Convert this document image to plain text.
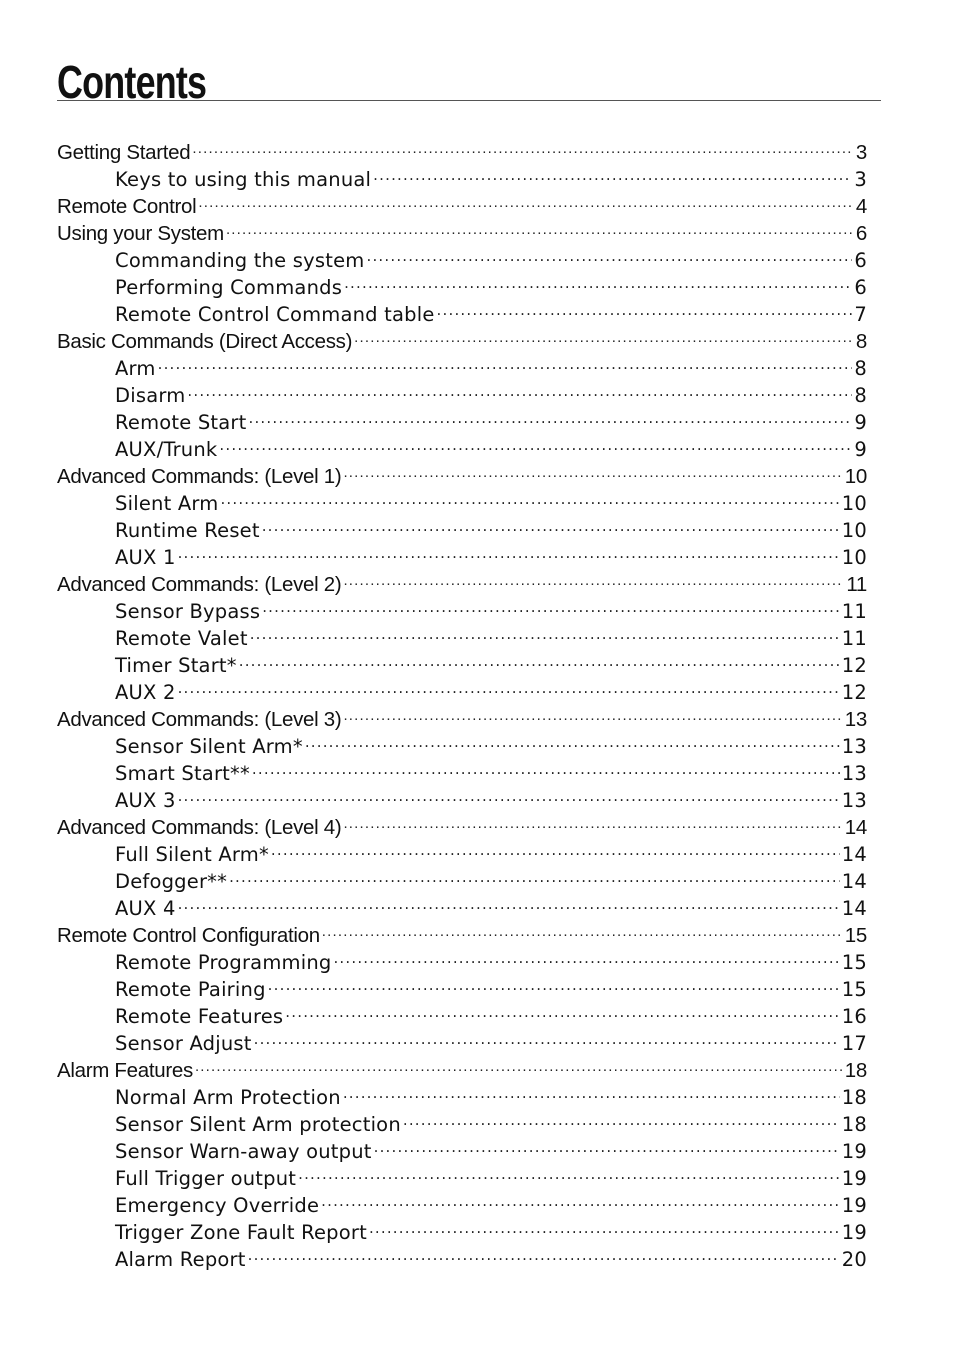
Contents
Getting Started .....	3
Keys to using this manual .....	3
Remote Control .....	4
Using your System .....	6
Commanding the system .....	6
Performing Commands .....	6
Remote Control Command table .....	7
Basic Commands (Direct Access) .....	8
Arm .....	8
Disarm .....	8
Remote Start .....	9
AUX/Trunk .....	9
Advanced Commands: (Level 1) .....	10
Silent Arm .....	10
Runtime Reset .....	10
AUX 1 .....	10
Advanced Commands: (Level 2) .....	11
Sensor Bypass .....	11
Remote Valet .....	11
Timer Start* .....	12
AUX 2 .....	12
Advanced Commands: (Level 3) .....	13
Sensor Silent Arm* .....	13
Smart Start** .....	13
AUX 3 .....	13
Advanced Commands: (Level 4) .....	14
Full Silent Arm* .....	14
Defogger** .....	14
AUX 4 .....	14
Remote Control Configuration .....	15
Remote Programming .....	15
Remote Pairing .....	15
Remote Features .....	16
Sensor Adjust .....	17
Alarm Features .....	18
Normal Arm Protection .....	18
Sensor Silent Arm protection .....	18
Sensor Warn-away output .....	19
Full Trigger output .....	19
Emergency Override .....	19
Trigger Zone Fault Report .....	19
Alarm Report .....	20
